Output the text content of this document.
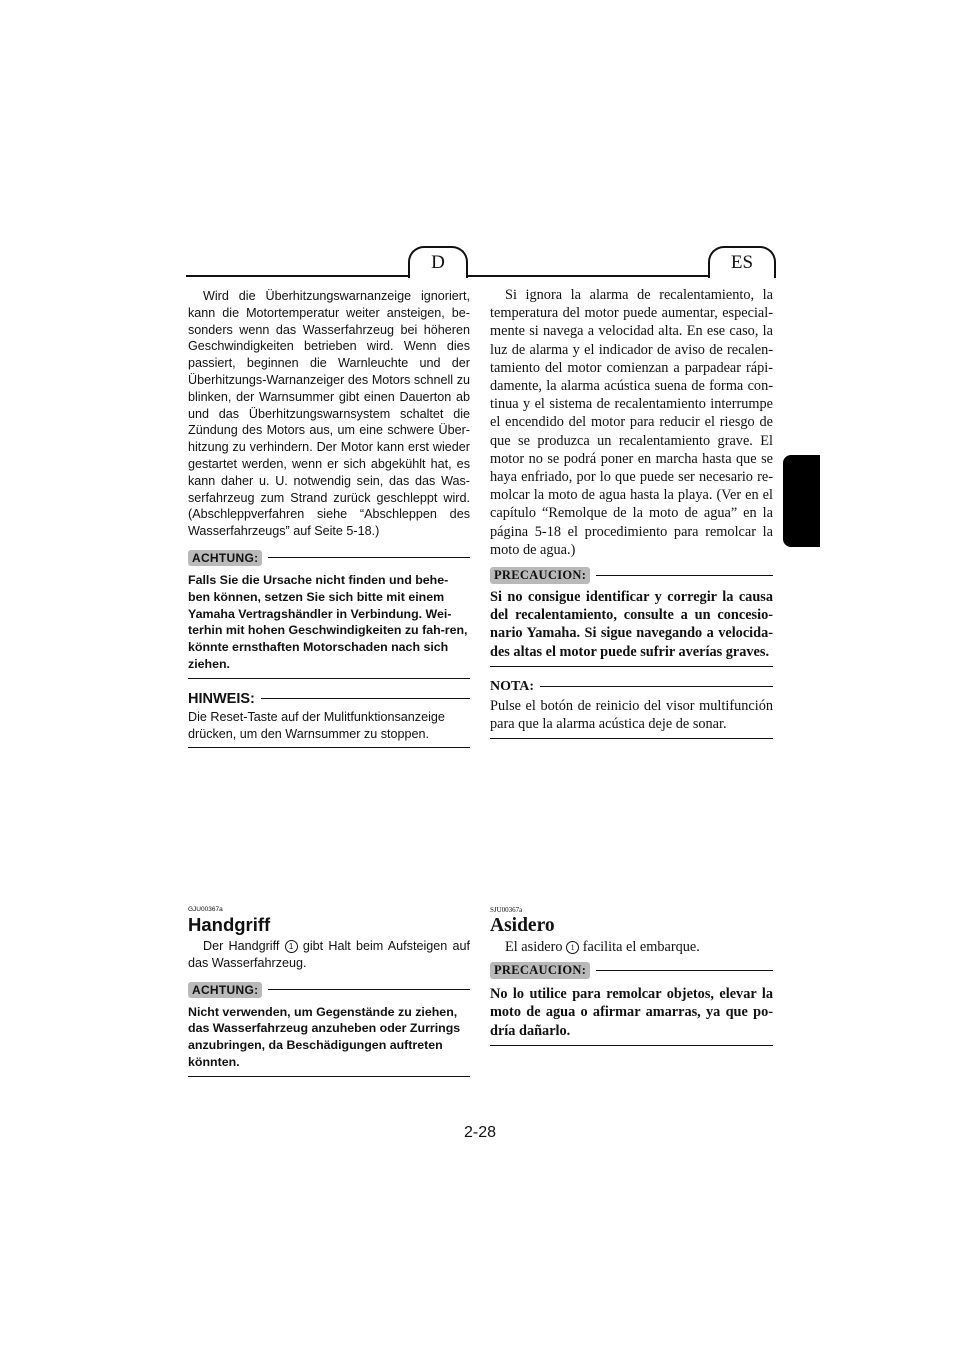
D	ES

Wird die Überhitzungswarnanzeige ignoriert, kann die Motortemperatur weiter ansteigen, be-sonders wenn das Wasserfahrzeug bei höheren Geschwindigkeiten betrieben wird. Wenn dies passiert, beginnen die Warnleuchte und der Überhitzungs-Warnanzeiger des Motors schnell zu blinken, der Warnsummer gibt einen Dauerton ab und das Überhitzungswarnsystem schaltet die Zündung des Motors aus, um eine schwere Über-hitzung zu verhindern. Der Motor kann erst wieder gestartet werden, wenn er sich abgekühlt hat, es kann daher u. U. notwendig sein, das das Was-serfahrzeug zum Strand zurück geschleppt wird. (Abschleppverfahren siehe “Abschleppen des Wasserfahrzeugs” auf Seite 5-18.)

ACHTUNG:

Falls Sie die Ursache nicht finden und behe-ben können, setzen Sie sich bitte mit einem Yamaha Vertragshändler in Verbindung. Wei-terhin mit hohen Geschwindigkeiten zu fah-ren, könnte ernsthaften Motorschaden nach sich ziehen.

HINWEIS:

Die Reset-Taste auf der Mulitfunktionsanzeige drücken, um den Warnsummer zu stoppen.

Si ignora la alarma de recalentamiento, la temperatura del motor puede aumentar, especial-mente si navega a velocidad alta. En ese caso, la luz de alarma y el indicador de aviso de recalen-tamiento del motor comienzan a parpadear rápi-damente, la alarma acústica suena de forma con-tinua y el sistema de recalentamiento interrumpe el encendido del motor para reducir el riesgo de que se produzca un recalentamiento grave. El motor no se podrá poner en marcha hasta que se haya enfriado, por lo que puede ser necesario re-molcar la moto de agua hasta la playa. (Ver en el capítulo “Remolque de la moto de agua” en la página 5-18 el procedimiento para remolcar la moto de agua.)

PRECAUCION:

Si no consigue identificar y corregir la causa del recalentamiento, consulte a un concesio-nario Yamaha. Si sigue navegando a velocida-des altas el motor puede sufrir averías graves.

NOTA:

Pulse el botón de reinicio del visor multifunción para que la alarma acústica deje de sonar.

GJU00367a
Handgriff

Der Handgriff 1 gibt Halt beim Aufsteigen auf das Wasserfahrzeug.

ACHTUNG:

Nicht verwenden, um Gegenstände zu ziehen, das Wasserfahrzeug anzuheben oder Zurrings anzubringen, da Beschädigungen auftreten könnten.

SJU00367a
Asidero

El asidero 1 facilita el embarque.

PRECAUCION:

No lo utilice para remolcar objetos, elevar la moto de agua o afirmar amarras, ya que po-dría dañarlo.

2-28
